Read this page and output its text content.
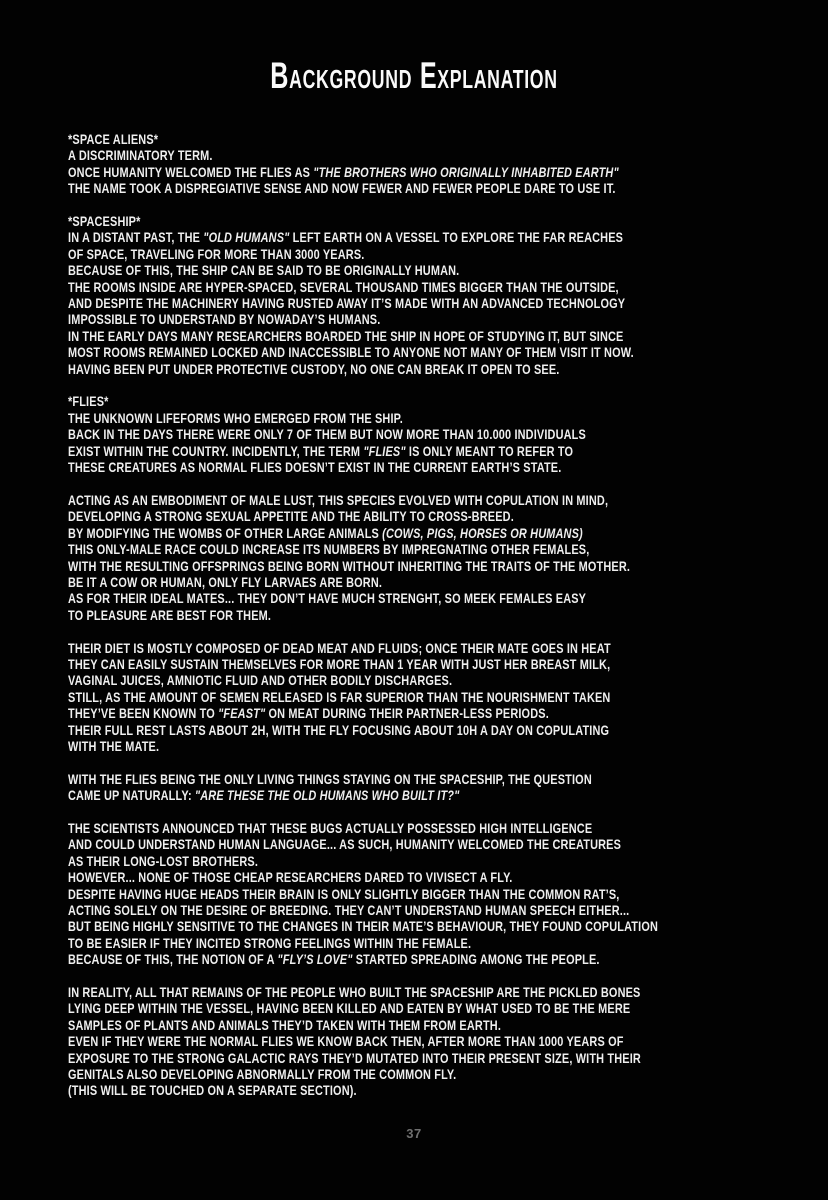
Background Explanation
*SPACE ALIENS*
A DISCRIMINATORY TERM.
ONCE HUMANITY WELCOMED THE FLIES AS "THE BROTHERS WHO ORIGINALLY INHABITED EARTH"
THE NAME TOOK A DISPREGIATIVE SENSE AND NOW FEWER AND FEWER PEOPLE DARE TO USE IT.
*SPACESHIP*
IN A DISTANT PAST, THE "OLD HUMANS" LEFT EARTH ON A VESSEL TO EXPLORE THE FAR REACHES
OF SPACE, TRAVELING FOR MORE THAN 3000 YEARS.
BECAUSE OF THIS, THE SHIP CAN BE SAID TO BE ORIGINALLY HUMAN.
THE ROOMS INSIDE ARE HYPER-SPACED, SEVERAL THOUSAND TIMES BIGGER THAN THE OUTSIDE,
AND DESPITE THE MACHINERY HAVING RUSTED AWAY IT’S MADE WITH AN ADVANCED TECHNOLOGY
IMPOSSIBLE TO UNDERSTAND BY NOWADAY’S HUMANS.
IN THE EARLY DAYS MANY RESEARCHERS BOARDED THE SHIP IN HOPE OF STUDYING IT, BUT SINCE
MOST ROOMS REMAINED LOCKED AND INACCESSIBLE TO ANYONE NOT MANY OF THEM VISIT IT NOW.
HAVING BEEN PUT UNDER PROTECTIVE CUSTODY, NO ONE CAN BREAK IT OPEN TO SEE.
*FLIES*
THE UNKNOWN LIFEFORMS WHO EMERGED FROM THE SHIP.
BACK IN THE DAYS THERE WERE ONLY 7 OF THEM BUT NOW MORE THAN 10.000 INDIVIDUALS
EXIST WITHIN THE COUNTRY. INCIDENTLY, THE TERM "FLIES" IS ONLY MEANT TO REFER TO
THESE CREATURES AS NORMAL FLIES DOESN’T EXIST IN THE CURRENT EARTH’S STATE.
ACTING AS AN EMBODIMENT OF MALE LUST, THIS SPECIES EVOLVED WITH COPULATION IN MIND,
DEVELOPING A STRONG SEXUAL APPETITE AND THE ABILITY TO CROSS-BREED.
BY MODIFYING THE WOMBS OF OTHER LARGE ANIMALS (COWS, PIGS, HORSES OR HUMANS)
THIS ONLY-MALE RACE COULD INCREASE ITS NUMBERS BY IMPREGNATING OTHER FEMALES,
WITH THE RESULTING OFFSPRINGS BEING BORN WITHOUT INHERITING THE TRAITS OF THE MOTHER.
BE IT A COW OR HUMAN, ONLY FLY LARVAES ARE BORN.
AS FOR THEIR IDEAL MATES... THEY DON’T HAVE MUCH STRENGHT, SO MEEK FEMALES EASY
TO PLEASURE ARE BEST FOR THEM.
THEIR DIET IS MOSTLY COMPOSED OF DEAD MEAT AND FLUIDS; ONCE THEIR MATE GOES IN HEAT
THEY CAN EASILY SUSTAIN THEMSELVES FOR MORE THAN 1 YEAR WITH JUST HER BREAST MILK,
VAGINAL JUICES, AMNIOTIC FLUID AND OTHER BODILY DISCHARGES.
STILL, AS THE AMOUNT OF SEMEN RELEASED IS FAR SUPERIOR THAN THE NOURISHMENT TAKEN
THEY’VE BEEN KNOWN TO "FEAST" ON MEAT DURING THEIR PARTNER-LESS PERIODS.
THEIR FULL REST LASTS ABOUT 2H, WITH THE FLY FOCUSING ABOUT 10H A DAY ON COPULATING
WITH THE MATE.
WITH THE FLIES BEING THE ONLY LIVING THINGS STAYING ON THE SPACESHIP, THE QUESTION
CAME UP NATURALLY: "ARE THESE THE OLD HUMANS WHO BUILT IT?"
THE SCIENTISTS ANNOUNCED THAT THESE BUGS ACTUALLY POSSESSED HIGH INTELLIGENCE
AND COULD UNDERSTAND HUMAN LANGUAGE... AS SUCH, HUMANITY WELCOMED THE CREATURES
AS THEIR LONG-LOST BROTHERS.
HOWEVER... NONE OF THOSE CHEAP RESEARCHERS DARED TO VIVISECT A FLY.
DESPITE HAVING HUGE HEADS THEIR BRAIN IS ONLY SLIGHTLY BIGGER THAN THE COMMON RAT’S,
ACTING SOLELY ON THE DESIRE OF BREEDING. THEY CAN’T UNDERSTAND HUMAN SPEECH EITHER...
BUT BEING HIGHLY SENSITIVE TO THE CHANGES IN THEIR MATE’S BEHAVIOUR, THEY FOUND COPULATION
TO BE EASIER IF THEY INCITED STRONG FEELINGS WITHIN THE FEMALE.
BECAUSE OF THIS, THE NOTION OF A "FLY’S LOVE" STARTED SPREADING AMONG THE PEOPLE.
IN REALITY, ALL THAT REMAINS OF THE PEOPLE WHO BUILT THE SPACESHIP ARE THE PICKLED BONES
LYING DEEP WITHIN THE VESSEL, HAVING BEEN KILLED AND EATEN BY WHAT USED TO BE THE MERE
SAMPLES OF PLANTS AND ANIMALS THEY’D TAKEN WITH THEM FROM EARTH.
EVEN IF THEY WERE THE NORMAL FLIES WE KNOW BACK THEN, AFTER MORE THAN 1000 YEARS OF
EXPOSURE TO THE STRONG GALACTIC RAYS THEY’D MUTATED INTO THEIR PRESENT SIZE, WITH THEIR
GENITALS ALSO DEVELOPING ABNORMALLY FROM THE COMMON FLY.
(THIS WILL BE TOUCHED ON A SEPARATE SECTION).
37
